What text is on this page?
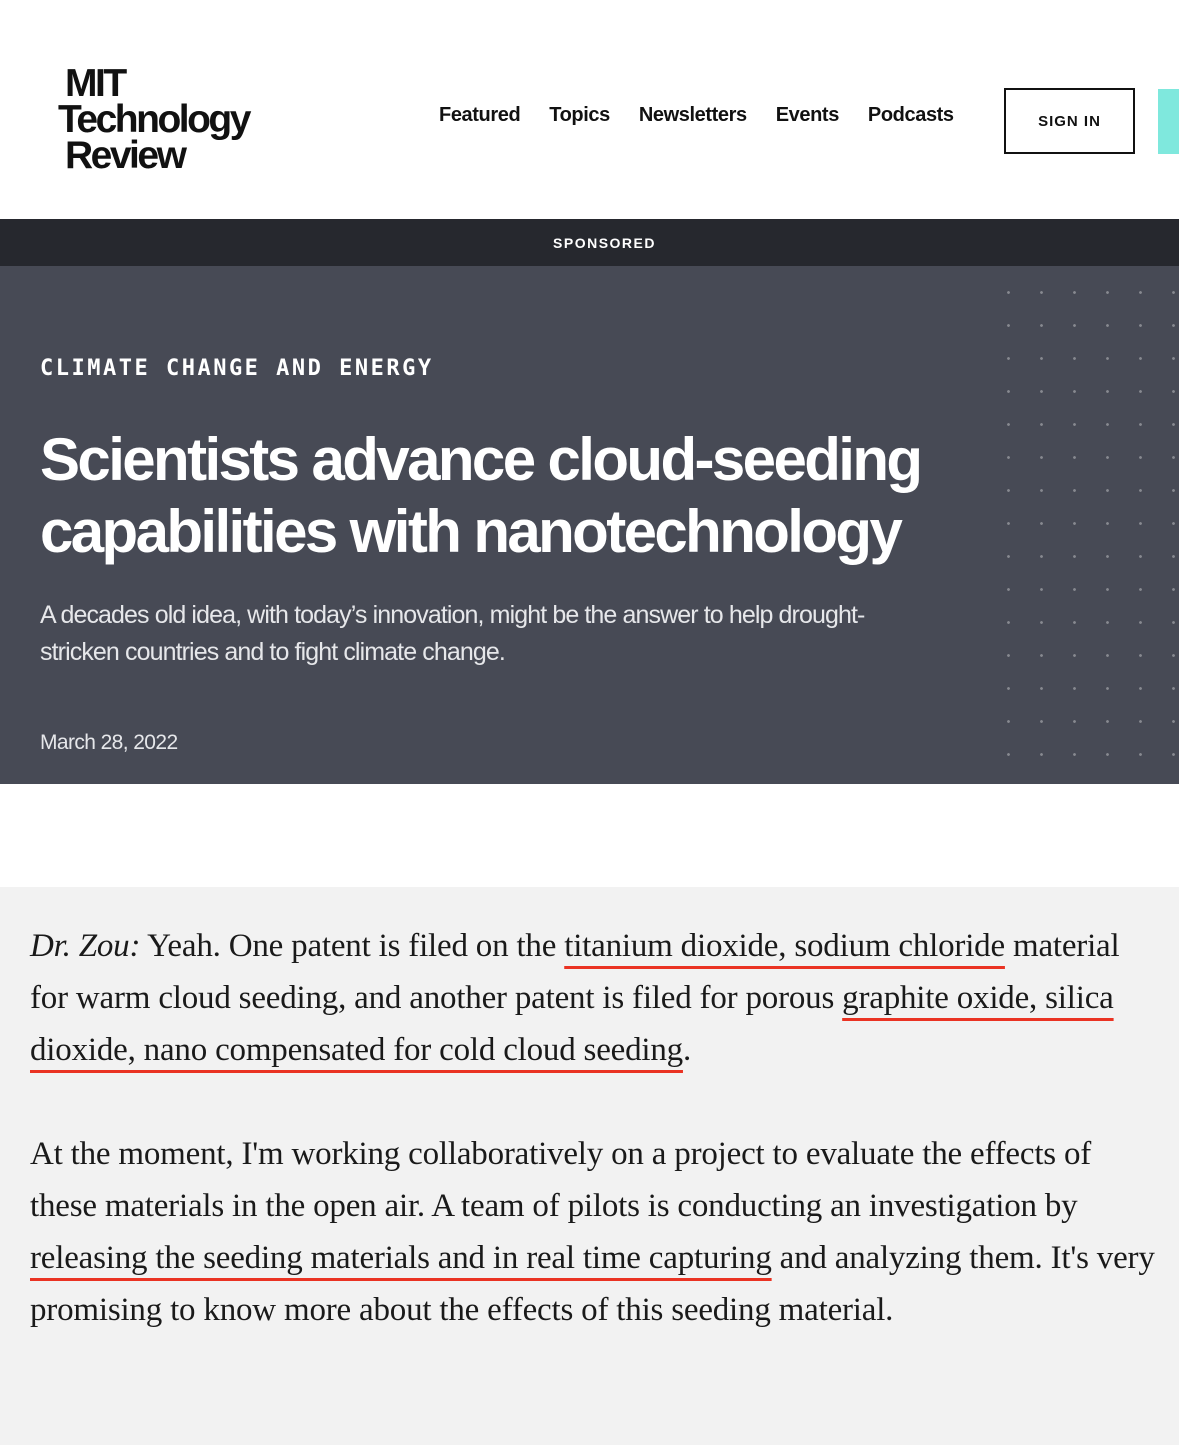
MIT
Technology
Review
Featured Topics Newsletters Events Podcasts	SIGN IN
SPONSORED
CLIMATE CHANGE AND ENERGY
Scientists advance cloud-seeding capabilities with nanotechnology
A decades old idea, with today’s innovation, might be the answer to help drought-stricken countries and to fight climate change.
March 28, 2022

Dr. Zou: Yeah. One patent is filed on the titanium dioxide, sodium chloride material for warm cloud seeding, and another patent is filed for porous graphite oxide, silica dioxide, nano compensated for cold cloud seeding.

At the moment, I'm working collaboratively on a project to evaluate the effects of these materials in the open air. A team of pilots is conducting an investigation by releasing the seeding materials and in real time capturing and analyzing them. It's very promising to know more about the effects of this seeding material.
